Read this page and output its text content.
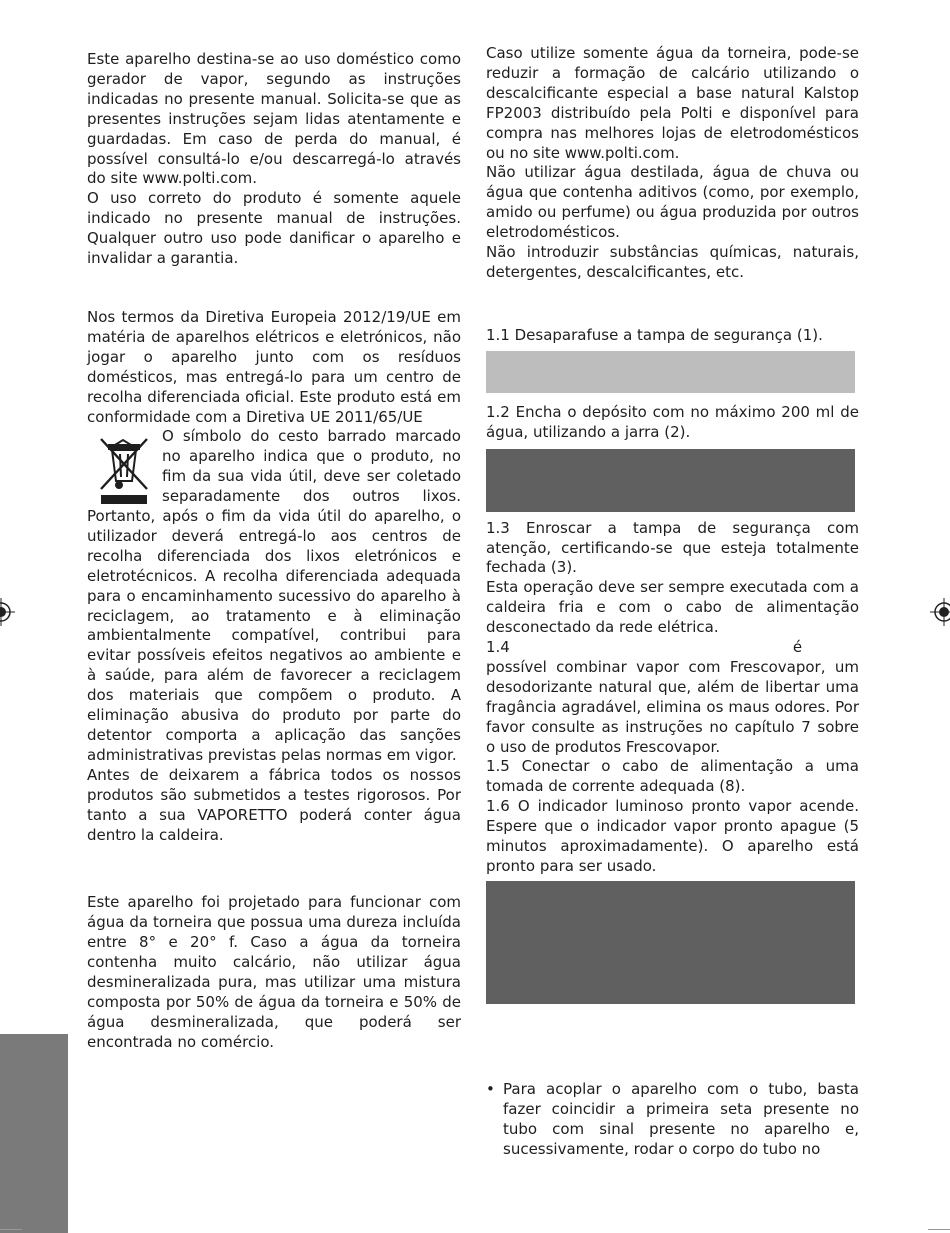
Este aparelho destina-se ao uso doméstico como gerador de vapor, segundo as instruções indicadas no presente manual. Solicita-se que as presentes instruções sejam lidas atentamente e guardadas. Em caso de perda do manual, é possível consultá-lo e/ou descarregá-lo através do site www.polti.com.

O uso correto do produto é somente aquele indicado no presente manual de instruções. Qualquer outro uso pode danificar o aparelho e invalidar a garantia.

Nos termos da Diretiva Europeia 2012/19/UE em matéria de aparelhos elétricos e eletrónicos, não jogar o aparelho junto com os resíduos domésticos, mas entregá-lo para um centro de recolha diferenciada oficial. Este produto está em conformidade com a Diretiva UE 2011/65/UE

O símbolo do cesto barrado marcado no aparelho indica que o produto, no fim da sua vida útil, deve ser coletado separadamente dos outros lixos. Portanto, após o fim da vida útil do aparelho, o utilizador deverá entregá-lo aos centros de recolha diferenciada dos lixos eletrónicos e eletrotécnicos. A recolha diferenciada adequada para o encaminhamento sucessivo do aparelho à reciclagem, ao tratamento e à eliminação ambientalmente compatível, contribui para evitar possíveis efeitos negativos ao ambiente e à saúde, para além de favorecer a reciclagem dos materiais que compõem o produto. A eliminação abusiva do produto por parte do detentor comporta a aplicação das sanções administrativas previstas pelas normas em vigor.

Antes de deixarem a fábrica todos os nossos produtos são submetidos a testes rigorosos. Por tanto a sua VAPORETTO poderá conter água dentro la caldeira.

Este aparelho foi projetado para funcionar com água da torneira que possua uma dureza incluída entre 8° e 20° f. Caso a água da torneira contenha muito calcário, não utilizar água desmineralizada pura, mas utilizar uma mistura composta por 50% de água da torneira e 50% de água desmineralizada, que poderá ser encontrada no comércio.

Caso utilize somente água da torneira, pode-se reduzir a formação de calcário utilizando o descalcificante especial a base natural Kalstop FP2003 distribuído pela Polti e disponível para compra nas melhores lojas de eletrodomésticos ou no site www.polti.com.

Não utilizar água destilada, água de chuva ou água que contenha aditivos (como, por exemplo, amido ou perfume) ou água produzida por outros eletrodomésticos.

Não introduzir substâncias químicas, naturais, detergentes, descalcificantes, etc.

1.1 Desaparafuse a tampa de segurança (1).

1.2 Encha o depósito com no máximo 200 ml de água, utilizando a jarra (2).

1.3 Enroscar a tampa de segurança com atenção, certificando-se que esteja totalmente fechada (3).

Esta operação deve ser sempre executada com a caldeira fria e com o cabo de alimentação desconectado da rede elétrica.

1.4	é possível combinar vapor com Frescovapor, um desodorizante natural que, além de libertar uma fragância agradável, elimina os maus odores. Por favor consulte as instruções no capítulo 7 sobre o uso de produtos Frescovapor.

1.5 Conectar o cabo de alimentação a uma tomada de corrente adequada (8).

1.6 O indicador luminoso pronto vapor acende. Espere que o indicador vapor pronto apague (5 minutos aproximadamente). O aparelho está pronto para ser usado.

• Para acoplar o aparelho com o tubo, basta fazer coincidir a primeira seta presente no tubo com sinal presente no aparelho e, sucessivamente, rodar o corpo do tubo no
